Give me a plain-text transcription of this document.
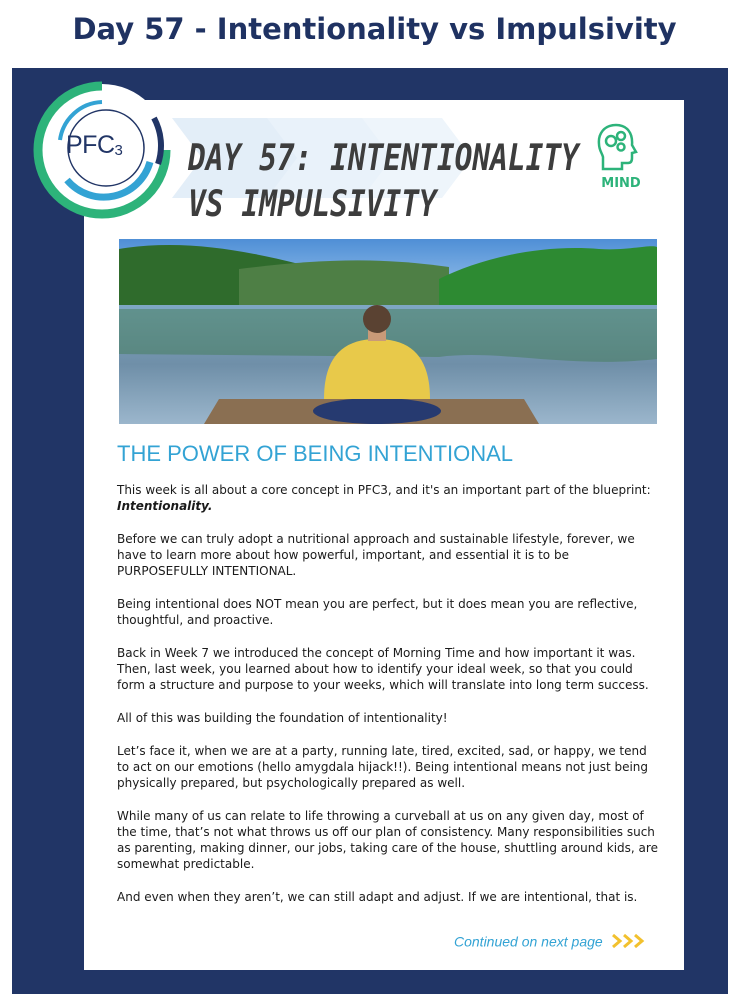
Day 57 - Intentionality vs Impulsivity
$PFC_3$	DAY 57: INTENTIONALITY
VS IMPULSIVITY
MIND
THE POWER OF BEING INTENTIONAL

This week is all about a core concept in PFC3, and it's an important part of the blueprint: Intentionality.

Before we can truly adopt a nutritional approach and sustainable lifestyle, forever, we have to learn more about how powerful, important, and essential it is to be PURPOSEFULLY INTENTIONAL.

Being intentional does NOT mean you are perfect, but it does mean you are reflective, thoughtful, and proactive.

Back in Week 7 we introduced the concept of Morning Time and how important it was. Then, last week, you learned about how to identify your ideal week, so that you could form a structure and purpose to your weeks, which will translate into long term success.

All of this was building the foundation of intentionality!

Let’s face it, when we are at a party, running late, tired, excited, sad, or happy, we tend to act on our emotions (hello amygdala hijack!!). Being intentional means not just being physically prepared, but psychologically prepared as well.

While many of us can relate to life throwing a curveball at us on any given day, most of the time, that’s not what throws us off our plan of consistency. Many responsibilities such as parenting, making dinner, our jobs, taking care of the house, shuttling around kids, are somewhat predictable.

And even when they aren’t, we can still adapt and adjust. If we are intentional, that is.

Continued on next page
